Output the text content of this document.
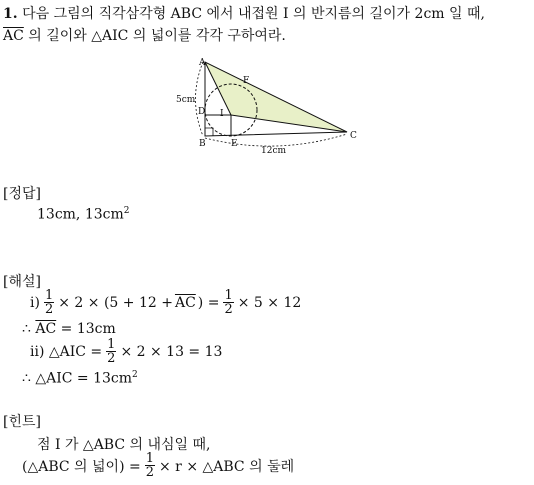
1. 다음 그림의 직각삼각형 ABC 에서 내접원 I 의 반지름의 길이가 2cm 일 때,
$\overline{AC}$ 의 길이와 △AIC 의 넓이를 각각 구하여라.
A
B
C
D
E
F
I
5cm
12cm
[정답]
13cm, $13cm^2$
[해설]
ⅰ) $\frac{1}{2} \times 2 \times (5 + 12 + \overline{AC}$ ) = $\frac{1}{2} \times 5 \times 12$
∴ $\overline{AC} = 13cm$
ⅱ) △AIC = $\frac{1}{2} \times 2 \times 13 = 13$
∴ △AIC = $13cm^2$
[힌트]
점 I 가 △ABC 의 내심일 때,
(△ABC 의 넓이) = $\frac{1}{2} \times r$ × △ABC 의 둘레
